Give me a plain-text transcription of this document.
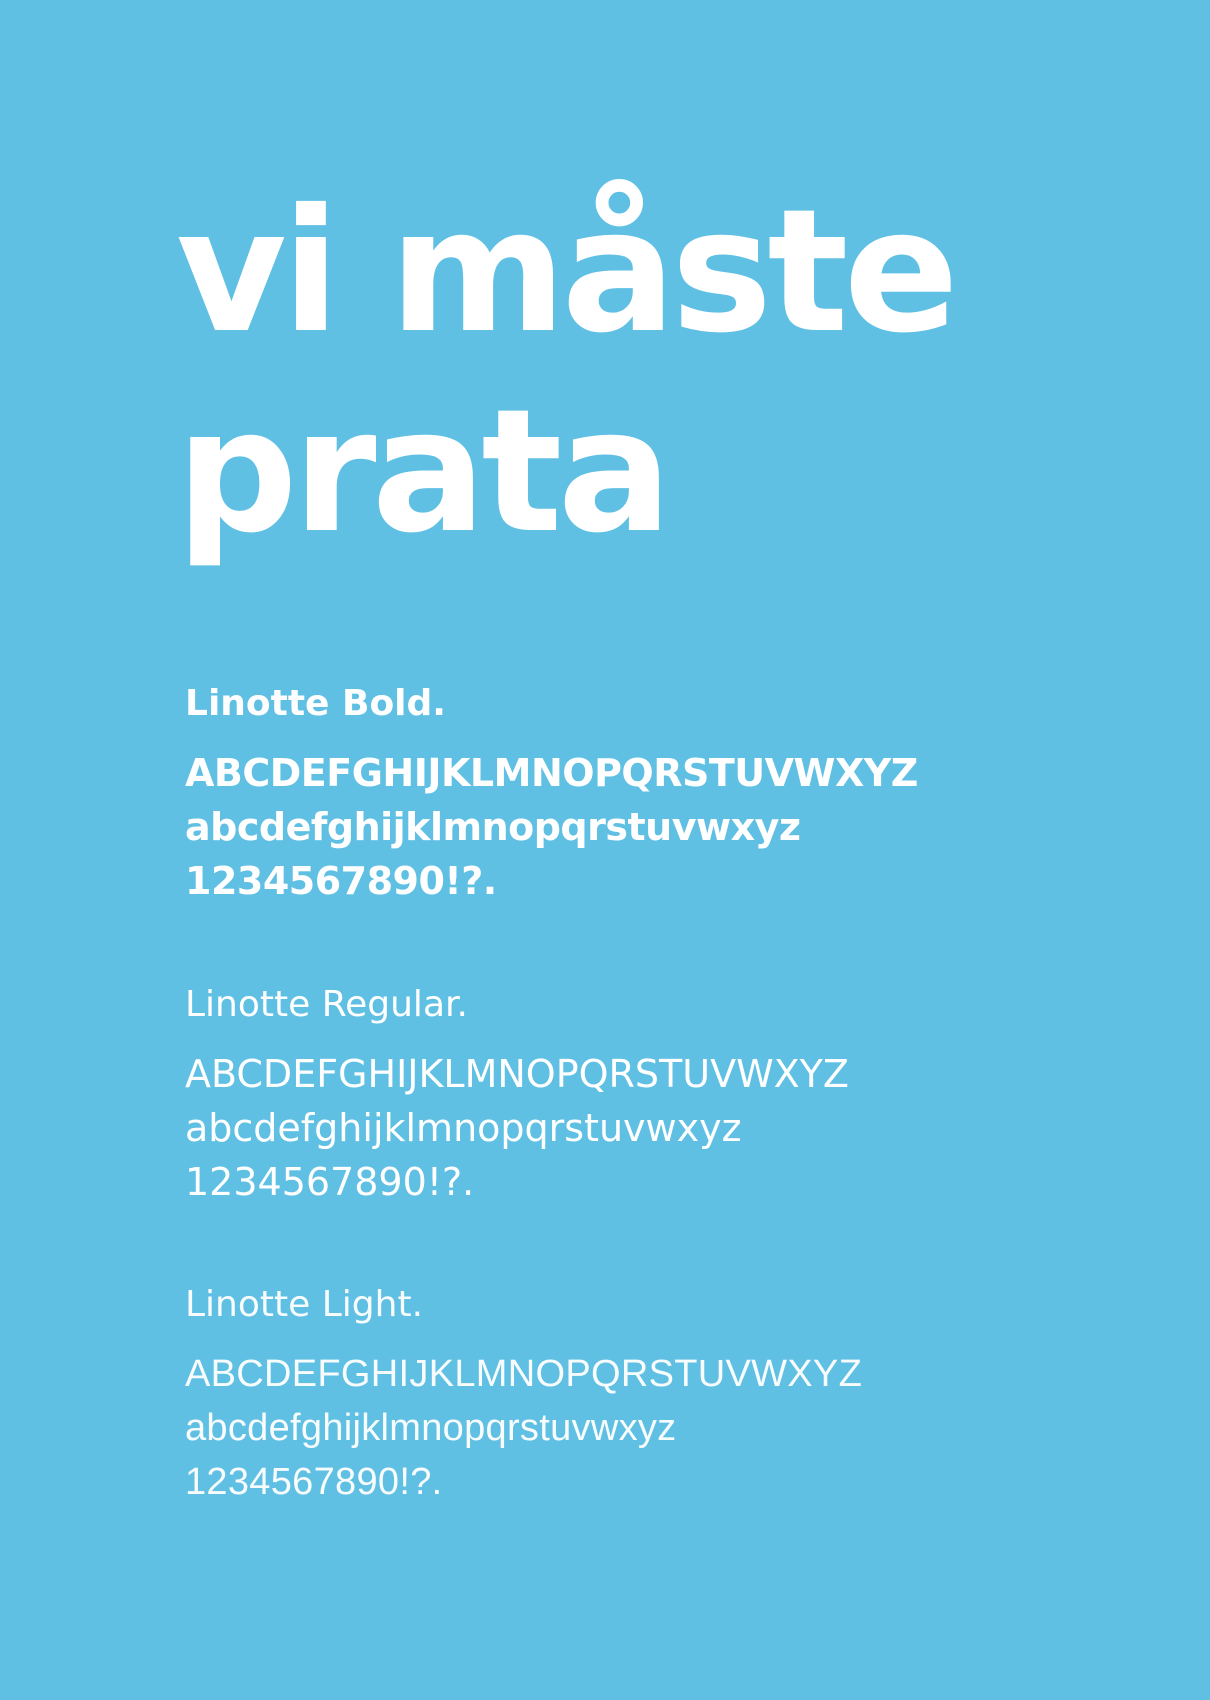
vi måste
prata
Linotte Bold.
ABCDEFGHIJKLMNOPQRSTUVWXYZ
abcdefghijklmnopqrstuvwxyz
1234567890!?.
Linotte Regular.
ABCDEFGHIJKLMNOPQRSTUVWXYZ
abcdefghijklmnopqrstuvwxyz
1234567890!?.
Linotte Light.
ABCDEFGHIJKLMNOPQRSTUVWXYZ
abcdefghijklmnopqrstuvwxyz
1234567890!?.
